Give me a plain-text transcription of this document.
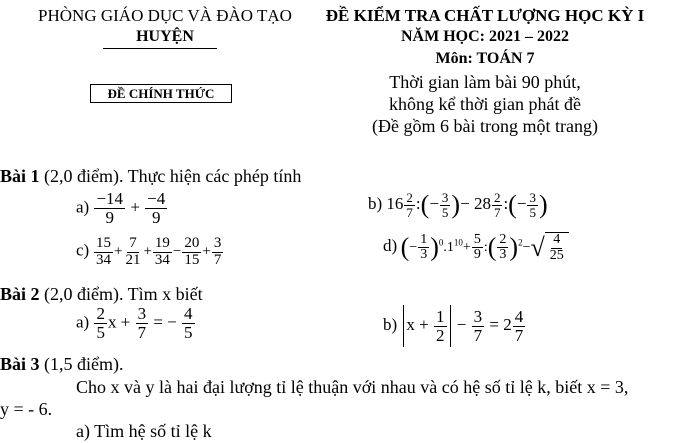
PHÒNG GIÁO DỤC VÀ ĐÀO TẠO
HUYỆN
ĐỀ CHÍNH THỨC
ĐỀ KIỂM TRA CHẤT LƯỢNG HỌC KỲ I
NĂM HỌC: 2021 – 2022
Môn: TOÁN 7
Thời gian làm bài 90 phút,
không kể thời gian phát đề
(Đề gồm 6 bài trong một trang)
Bài 1 (2,0 điểm). Thực hiện các phép tính
$a) \frac{-14}{9} + \frac{-4}{9}$	b) $16 \frac{2}{7}$ :(− $\frac{3}{5}$ )− $28 \frac{2}{7}$ :(− $\frac{3}{5}$ )
$c) \frac{15}{34} + \frac{7}{21} + \frac{19}{34} - \frac{20}{15} + \frac{3}{7}$	d) (− $\frac{1}{3} )^0.1^{10}+ \frac{5}{9}$ :( $\frac{2}{3} )^2-$ √ $\frac{4}{25}$
Bài 2 (2,0 điểm). Tìm x biết
$a) \frac{2}{5}$ $x + \frac{3}{7}$ = − $\frac{4}{5}$	b) $x + \frac{1}{2} - \frac{3}{7} = 2 \frac{4}{7}$
Bài 3 (1,5 điểm).
Cho x và y là hai đại lượng tỉ lệ thuận với nhau và có hệ số tỉ lệ k, biết x = 3,
y = - 6.
a) Tìm hệ số tỉ lệ k
